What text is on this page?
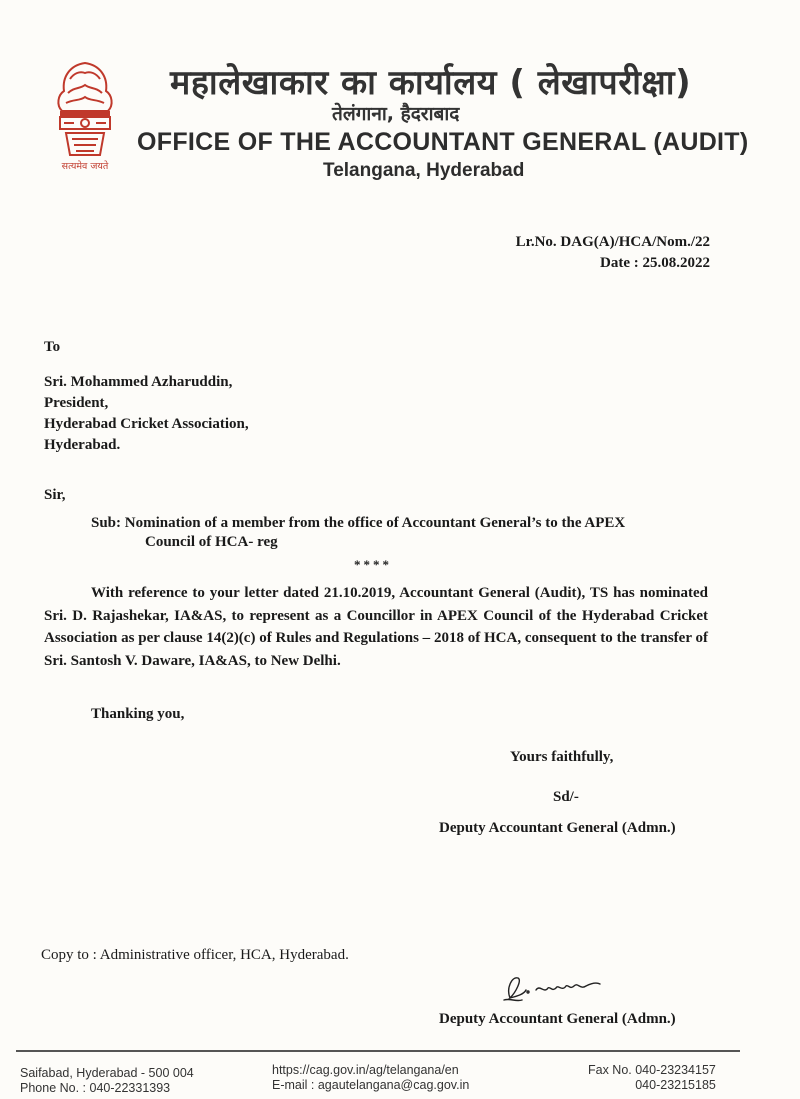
सत्यमेव जयते
महालेखाकार का कार्यालय ( लेखापरीक्षा)
तेलंगाना, हैदराबाद
OFFICE OF THE ACCOUNTANT GENERAL (AUDIT)
Telangana, Hyderabad
Lr.No. DAG(A)/HCA/Nom./22
Date : 25.08.2022
To
Sri. Mohammed Azharuddin,
President,
Hyderabad Cricket Association,
Hyderabad.
Sir,
Sub: Nomination of a member from the office of Accountant General’s to the APEX
Council of HCA- reg
****
With reference to your letter dated 21.10.2019, Accountant General (Audit), TS has nominated Sri. D. Rajashekar, IA&AS, to represent as a Councillor in APEX Council of the Hyderabad Cricket Association as per clause 14(2)(c) of Rules and Regulations – 2018 of HCA, consequent to the transfer of Sri. Santosh V. Daware, IA&AS, to New Delhi.
Thanking you,
Yours faithfully,
Sd/-
Deputy Accountant General (Admn.)
Copy to : Administrative officer, HCA, Hyderabad.
Deputy Accountant General (Admn.)
Saifabad, Hyderabad - 500 004
Phone No. : 040-22331393
https://cag.gov.in/ag/telangana/en
E-mail : agautelangana@cag.gov.in
Fax No. 040-23234157
040-23215185
